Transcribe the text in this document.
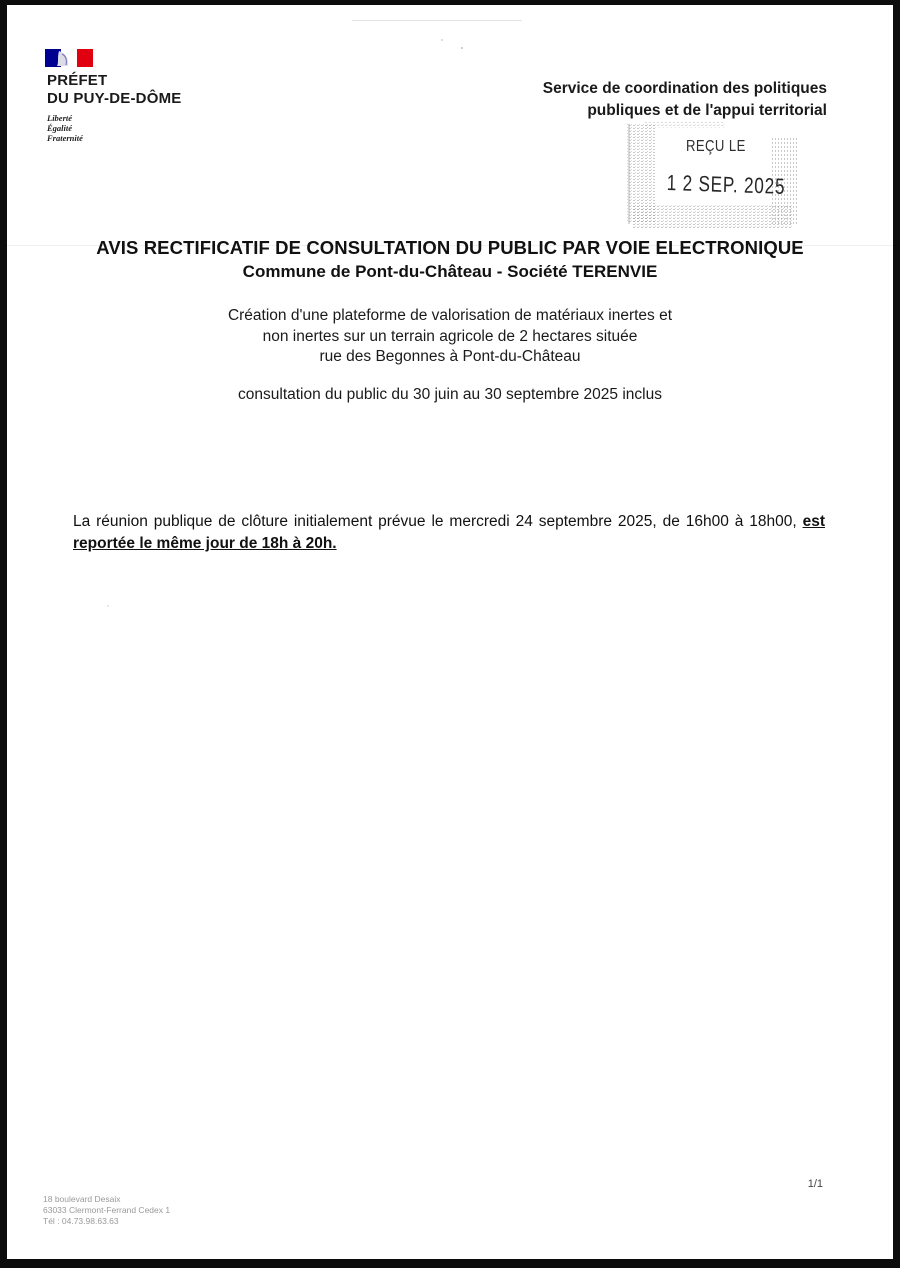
PRÉFET
DU PUY-DE-DÔME
Liberté
Égalité
Fraternité
Service de coordination des politiques
publiques et de l'appui territorial
REÇU LE
1 2 SEP. 2025
AVIS RECTIFICATIF DE CONSULTATION DU PUBLIC PAR VOIE ELECTRONIQUE
Commune de Pont-du-Château - Société TERENVIE
Création d'une plateforme de valorisation de matériaux inertes et
non inertes sur un terrain agricole de 2 hectares située
rue des Begonnes à Pont-du-Château
consultation du public du 30 juin au 30 septembre 2025 inclus
La réunion publique de clôture initialement prévue le mercredi 24 septembre 2025, de 16h00 à 18h00, est reportée le même jour de 18h à 20h.
1/1
18 boulevard Desaix
63033 Clermont-Ferrand Cedex 1
Tél : 04.73.98.63.63
